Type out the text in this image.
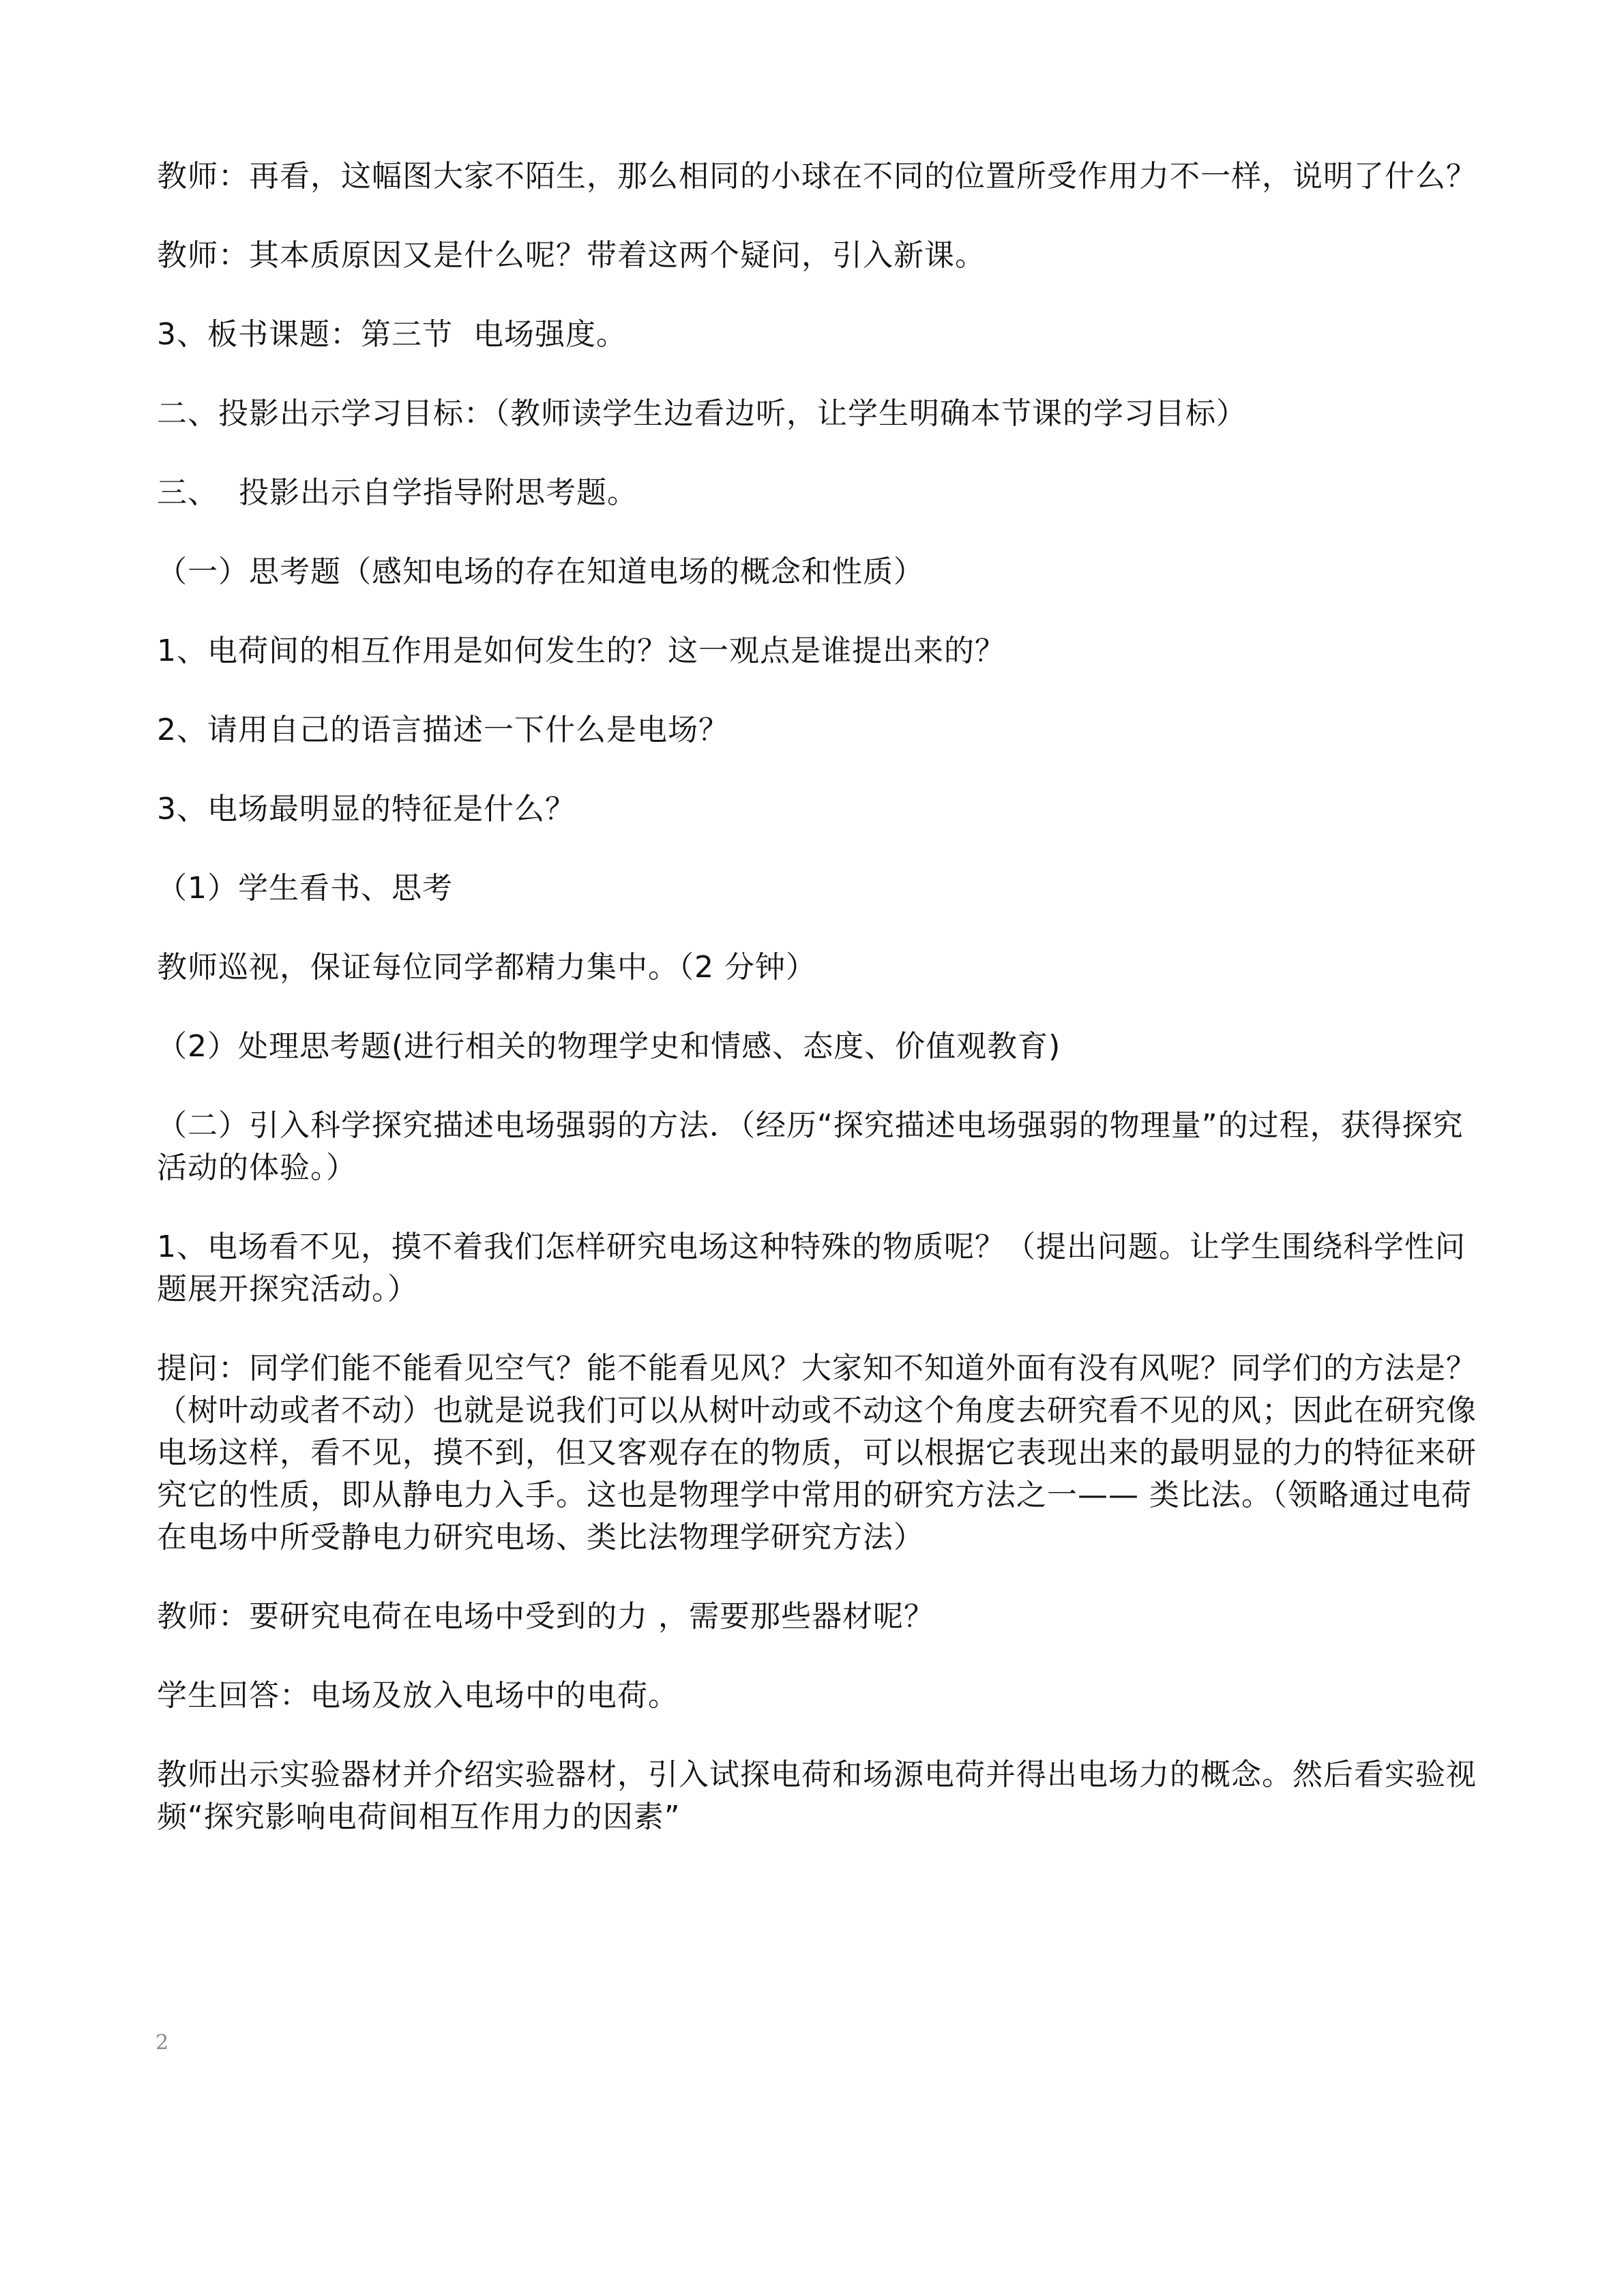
教师：再看，这幅图大家不陌生，那么相同的小球在不同的位置所受作用力不一样，说明了什么？

教师：其本质原因又是什么呢？带着这两个疑问，引入新课。

3、板书课题：第三节  电场强度。

二、投影出示学习目标：（教师读学生边看边听，让学生明确本节课的学习目标）

三、  投影出示自学指导附思考题。

（一）思考题（感知电场的存在知道电场的概念和性质）

1、电荷间的相互作用是如何发生的？这一观点是谁提出来的？

2、请用自己的语言描述一下什么是电场？

3、电场最明显的特征是什么？

（1）学生看书、思考

教师巡视，保证每位同学都精力集中。（2 分钟）

（2）处理思考题(进行相关的物理学史和情感、态度、价值观教育)

（二）引入科学探究描述电场强弱的方法．（经历“探究描述电场强弱的物理量”的过程，获得探究活动的体验。）

1、电场看不见，摸不着我们怎样研究电场这种特殊的物质呢？（提出问题。让学生围绕科学性问题展开探究活动。）

提问：同学们能不能看见空气？能不能看见风？大家知不知道外面有没有风呢？同学们的方法是？（树叶动或者不动）也就是说我们可以从树叶动或不动这个角度去研究看不见的风；因此在研究像电场这样，看不见，摸不到，但又客观存在的物质，可以根据它表现出来的最明显的力的特征来研究它的性质，即从静电力入手。这也是物理学中常用的研究方法之一—— 类比法。（领略通过电荷在电场中所受静电力研究电场、类比法物理学研究方法）

教师：要研究电荷在电场中受到的力 ，需要那些器材呢？

学生回答：电场及放入电场中的电荷。

教师出示实验器材并介绍实验器材，引入试探电荷和场源电荷并得出电场力的概念。然后看实验视频“探究影响电荷间相互作用力的因素”

2
